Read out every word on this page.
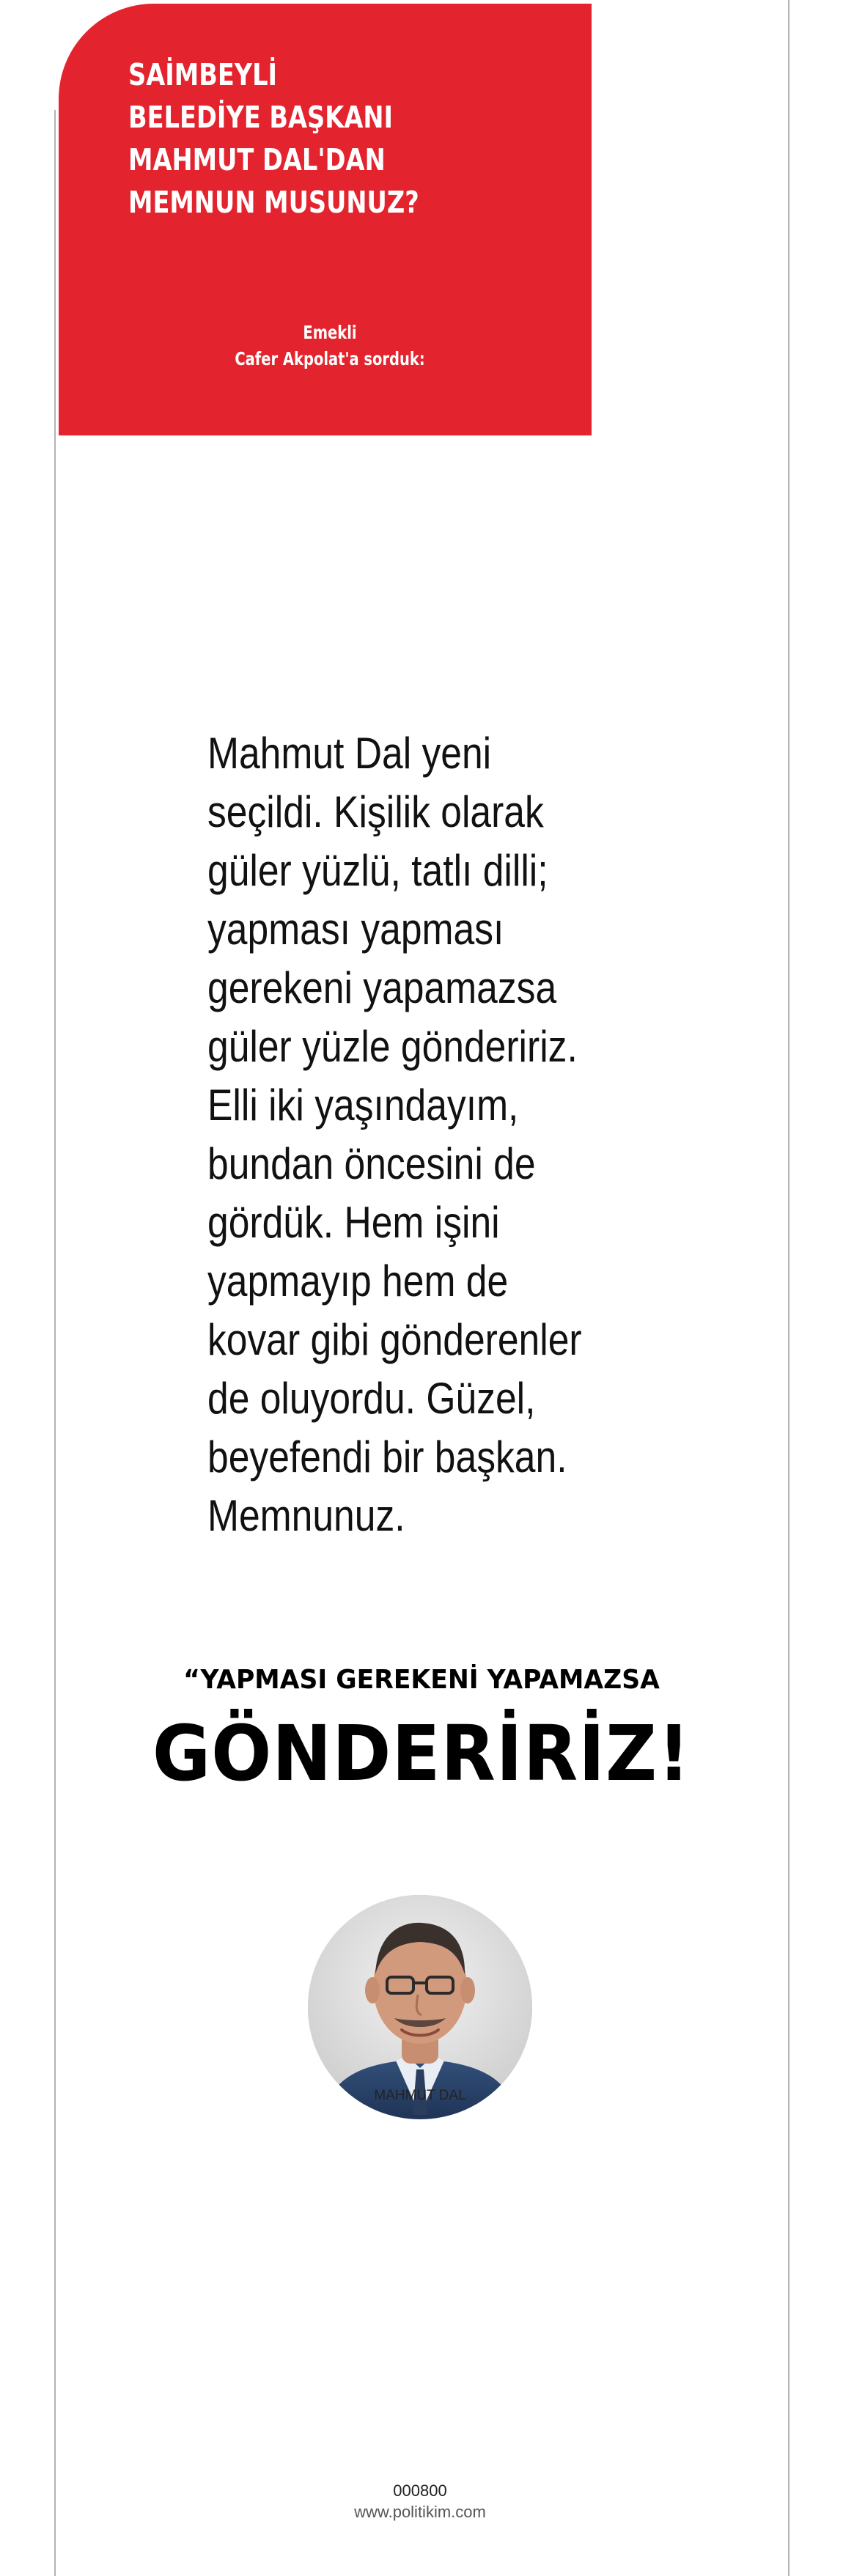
SAİMBEYLİ
BELEDİYE BAŞKANI
MAHMUT DAL'DAN
MEMNUN MUSUNUZ?
Emekli
Cafer Akpolat'a sorduk:
Mahmut Dal yeni
seçildi. Kişilik olarak
güler yüzlü, tatlı dilli;
yapması yapması
gerekeni yapamazsa
güler yüzle göndeririz.
Elli iki yaşındayım,
bundan öncesini de
gördük. Hem işini
yapmayıp hem de
kovar gibi gönderenler
de oluyordu. Güzel,
beyefendi bir başkan.
Memnunuz.
“YAPMASI GEREKENİ YAPAMAZSA
GÖNDERİRİZ!
MAHMUT DAL
000800
www.politikim.com
